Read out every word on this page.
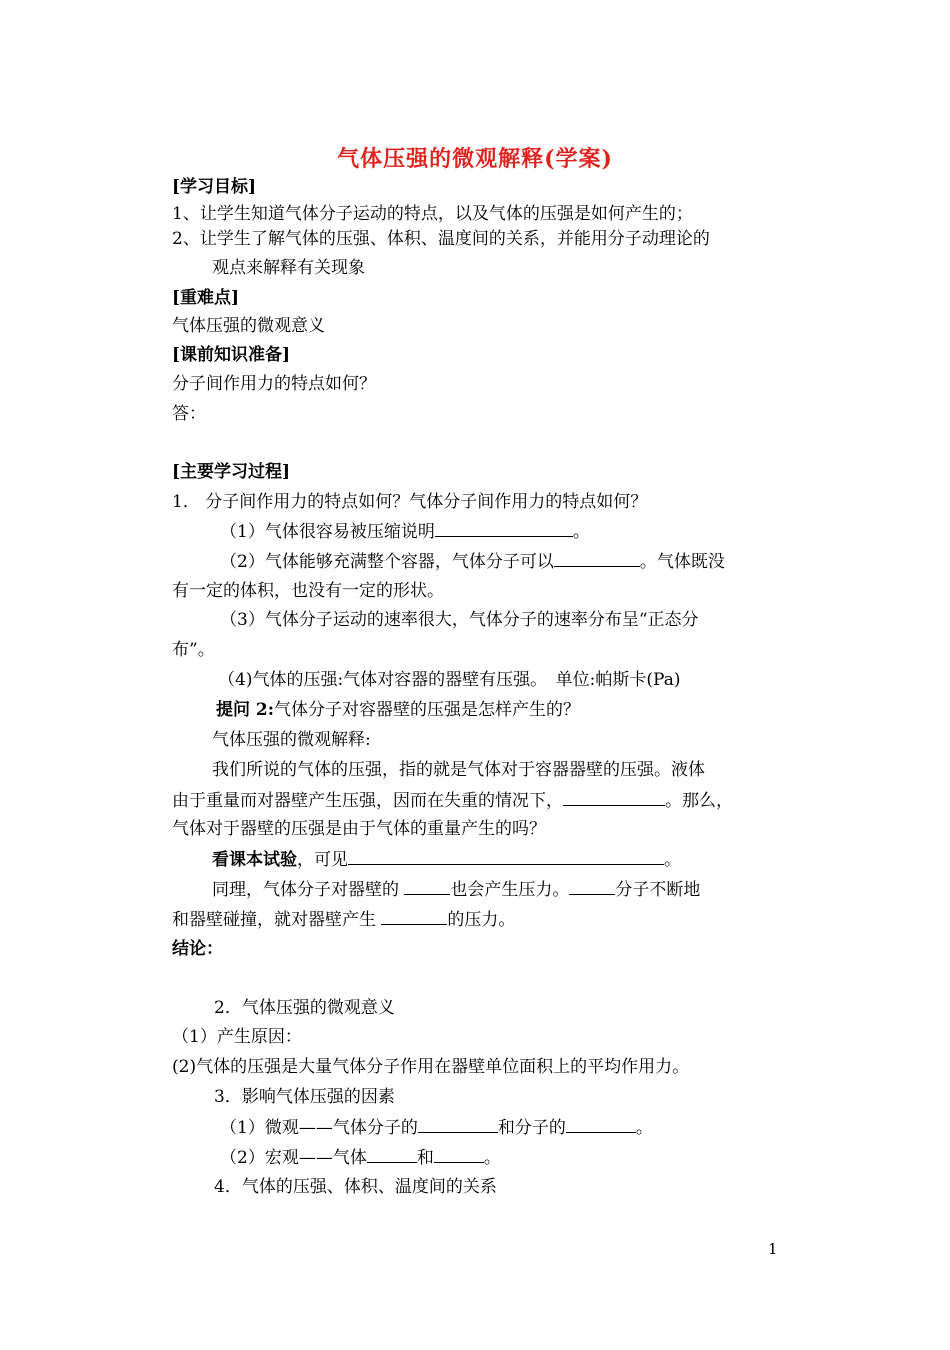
气体压强的微观解释(学案)
[学习目标]
1、让学生知道气体分子运动的特点，以及气体的压强是如何产生的；
2、让学生了解气体的压强、体积、温度间的关系，并能用分子动理论的
观点来解释有关现象
[重难点]
气体压强的微观意义
[课前知识准备]
分子间作用力的特点如何？
答：
[主要学习过程]
1． 分子间作用力的特点如何？气体分子间作用力的特点如何？
（1）气体很容易被压缩说明	。
（2）气体能够充满整个容器，气体分子可以	。气体既没
有一定的体积，也没有一定的形状。
（3）气体分子运动的速率很大，气体分子的速率分布呈“正态分
布”。
（4)气体的压强:气体对容器的器壁有压强。　单位:帕斯卡(Pa)
提问 2:气体分子对容器壁的压强是怎样产生的？
气体压强的微观解释:
我们所说的气体的压强，指的就是气体对于容器器壁的压强。液体
由于重量而对器壁产生压强，因而在失重的情况下，	。那么，
气体对于器壁的压强是由于气体的重量产生的吗？
看课本试验，可见	。
同理，气体分子对器壁的	也会产生压力。	分子不断地
和器壁碰撞，就对器壁产生	的压力。
结论：
2．气体压强的微观意义
（1）产生原因：
(2)气体的压强是大量气体分子作用在器壁单位面积上的平均作用力。
3．影响气体压强的因素
（1）微观——气体分子的	和分子的	。
（2）宏观——气体	和	。
4．气体的压强、体积、温度间的关系
1
